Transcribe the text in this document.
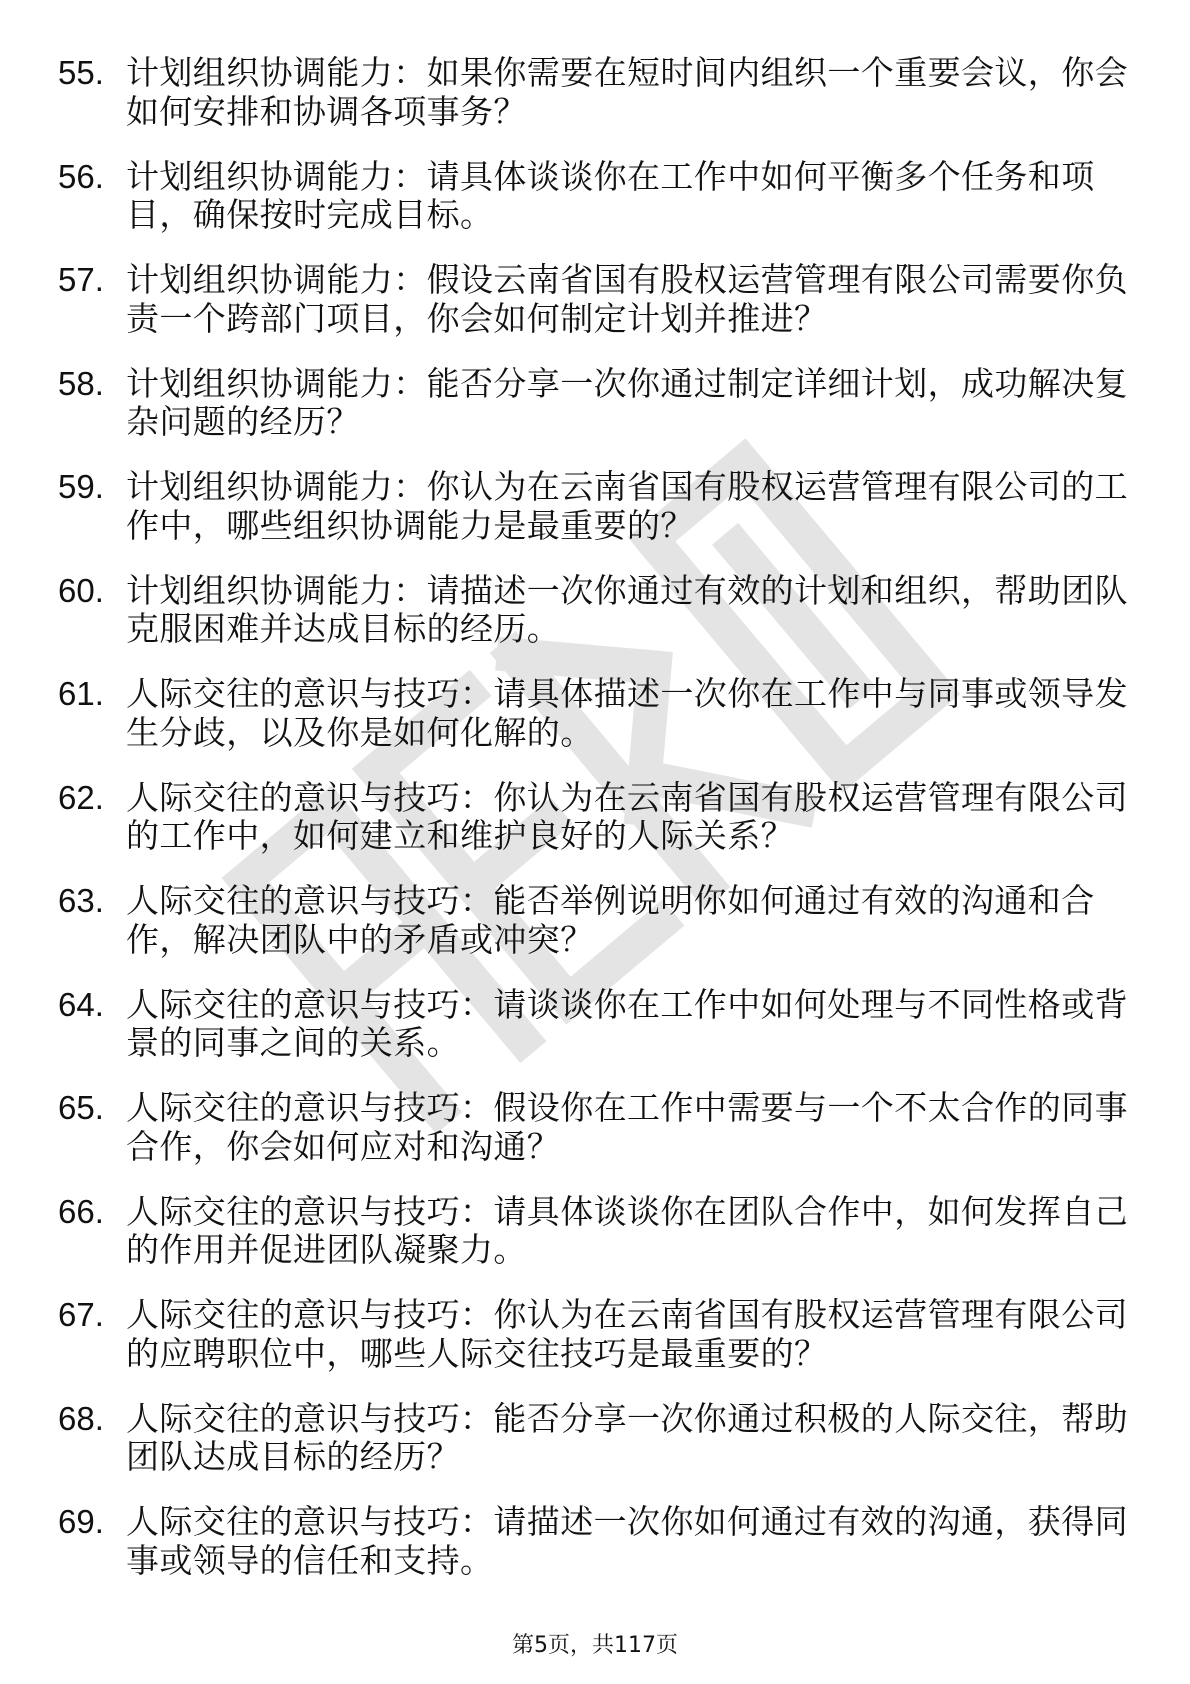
55. 计划组织协调能力：如果你需要在短时间内组织一个重要会议，你会如何安排和协调各项事务？
56. 计划组织协调能力：请具体谈谈你在工作中如何平衡多个任务和项目，确保按时完成目标。
57. 计划组织协调能力：假设云南省国有股权运营管理有限公司需要你负责一个跨部门项目，你会如何制定计划并推进？
58. 计划组织协调能力：能否分享一次你通过制定详细计划，成功解决复杂问题的经历？
59. 计划组织协调能力：你认为在云南省国有股权运营管理有限公司的工作中，哪些组织协调能力是最重要的？
60. 计划组织协调能力：请描述一次你通过有效的计划和组织，帮助团队克服困难并达成目标的经历。
61. 人际交往的意识与技巧：请具体描述一次你在工作中与同事或领导发生分歧，以及你是如何化解的。
62. 人际交往的意识与技巧：你认为在云南省国有股权运营管理有限公司的工作中，如何建立和维护良好的人际关系？
63. 人际交往的意识与技巧：能否举例说明你如何通过有效的沟通和合作，解决团队中的矛盾或冲突？
64. 人际交往的意识与技巧：请谈谈你在工作中如何处理与不同性格或背景的同事之间的关系。
65. 人际交往的意识与技巧：假设你在工作中需要与一个不太合作的同事合作，你会如何应对和沟通？
66. 人际交往的意识与技巧：请具体谈谈你在团队合作中，如何发挥自己的作用并促进团队凝聚力。
67. 人际交往的意识与技巧：你认为在云南省国有股权运营管理有限公司的应聘职位中，哪些人际交往技巧是最重要的？
68. 人际交往的意识与技巧：能否分享一次你通过积极的人际交往，帮助团队达成目标的经历？
69. 人际交往的意识与技巧：请描述一次你如何通过有效的沟通，获得同事或领导的信任和支持。
第5页，共117页
